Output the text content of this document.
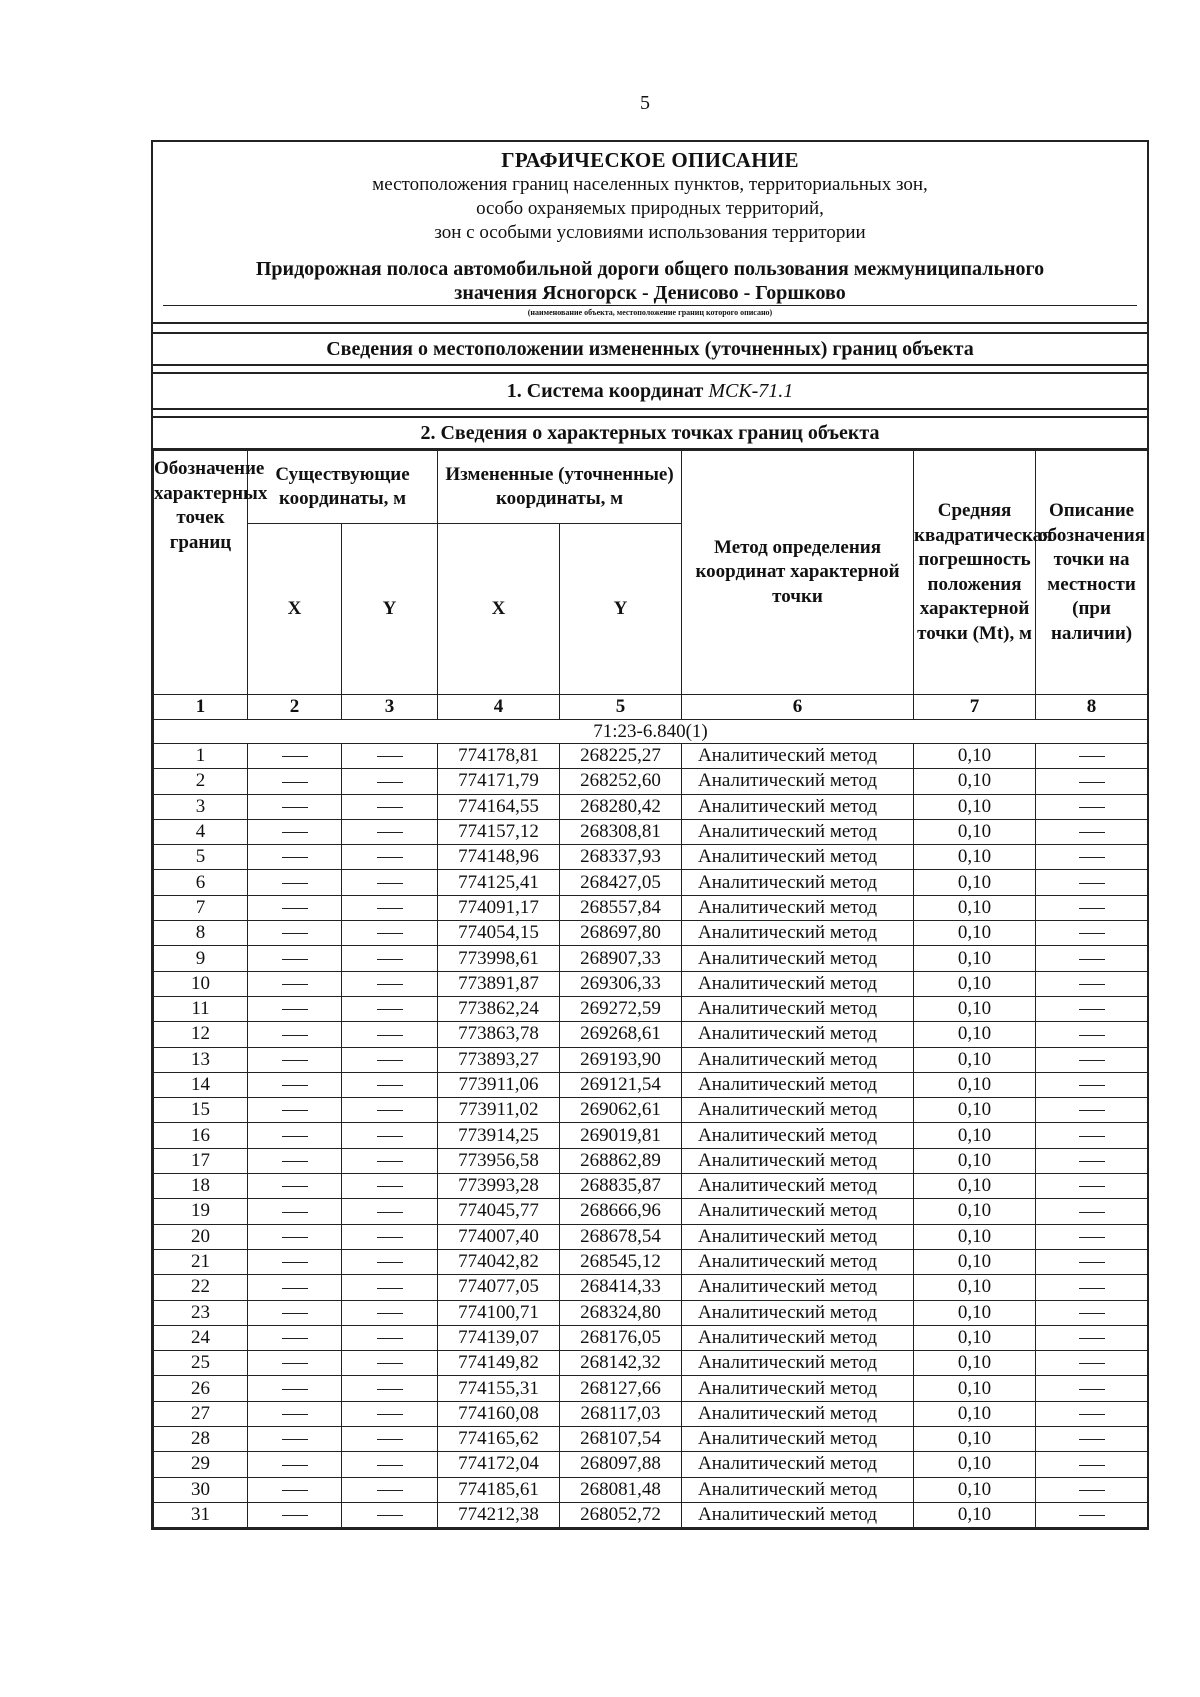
5
ГРАФИЧЕСКОЕ ОПИСАНИЕ
местоположения границ населенных пунктов, территориальных зон,
особо охраняемых природных территорий,
зон с особыми условиями использования территории
Придорожная полоса автомобильной дороги общего пользования межмуниципального
значения Ясногорск - Денисово - Горшково
(наименование объекта, местоположение границ которого описано)
Сведения о местоположении измененных (уточненных) границ объекта
1. Система координат МСК-71.1
2. Сведения о характерных точках границ объекта
Обозначение характерных точек границ	Существующие координаты, м		Измененные (уточненные) координаты, м		Метод определения координат характерной точки	Средняя квадратическая погрешность положения характерной точки (Mt), м	Описание обозначения точки на местности (при наличии)
	X	Y	X	Y			
1	2	3	4	5	6	7	8
71:23-6.840(1)							
1			774178,81	268225,27	Аналитический метод	0,10	
2			774171,79	268252,60	Аналитический метод	0,10	
3			774164,55	268280,42	Аналитический метод	0,10	
4			774157,12	268308,81	Аналитический метод	0,10	
5			774148,96	268337,93	Аналитический метод	0,10	
6			774125,41	268427,05	Аналитический метод	0,10	
7			774091,17	268557,84	Аналитический метод	0,10	
8			774054,15	268697,80	Аналитический метод	0,10	
9			773998,61	268907,33	Аналитический метод	0,10	
10			773891,87	269306,33	Аналитический метод	0,10	
11			773862,24	269272,59	Аналитический метод	0,10	
12			773863,78	269268,61	Аналитический метод	0,10	
13			773893,27	269193,90	Аналитический метод	0,10	
14			773911,06	269121,54	Аналитический метод	0,10	
15			773911,02	269062,61	Аналитический метод	0,10	
16			773914,25	269019,81	Аналитический метод	0,10	
17			773956,58	268862,89	Аналитический метод	0,10	
18			773993,28	268835,87	Аналитический метод	0,10	
19			774045,77	268666,96	Аналитический метод	0,10	
20			774007,40	268678,54	Аналитический метод	0,10	
21			774042,82	268545,12	Аналитический метод	0,10	
22			774077,05	268414,33	Аналитический метод	0,10	
23			774100,71	268324,80	Аналитический метод	0,10	
24			774139,07	268176,05	Аналитический метод	0,10	
25			774149,82	268142,32	Аналитический метод	0,10	
26			774155,31	268127,66	Аналитический метод	0,10	
27			774160,08	268117,03	Аналитический метод	0,10	
28			774165,62	268107,54	Аналитический метод	0,10	
29			774172,04	268097,88	Аналитический метод	0,10	
30			774185,61	268081,48	Аналитический метод	0,10	
31			774212,38	268052,72	Аналитический метод	0,10	
